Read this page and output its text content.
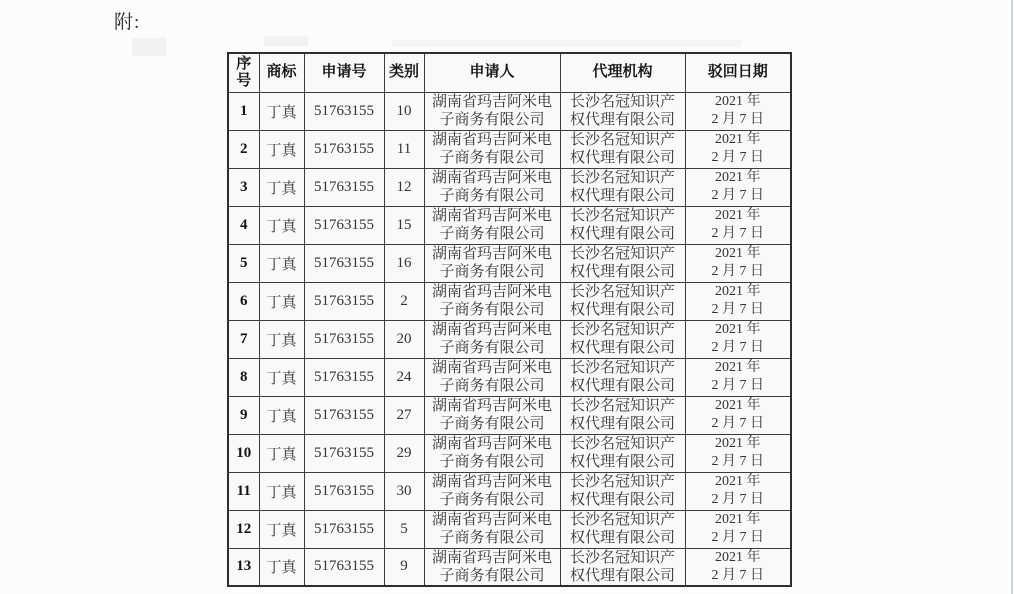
附:
序号	商标	申请号	类别	申请人	代理机构	驳回日期
1	丁真	51763155	10	湖南省玛吉阿米电
子商务有限公司	长沙名冠知识产
权代理有限公司	2021 年
2 月 7 日

2	丁真	51763155	11	湖南省玛吉阿米电
子商务有限公司	长沙名冠知识产
权代理有限公司	2021 年
2 月 7 日

3	丁真	51763155	12	湖南省玛吉阿米电
子商务有限公司	长沙名冠知识产
权代理有限公司	2021 年
2 月 7 日

4	丁真	51763155	15	湖南省玛吉阿米电
子商务有限公司	长沙名冠知识产
权代理有限公司	2021 年
2 月 7 日

5	丁真	51763155	16	湖南省玛吉阿米电
子商务有限公司	长沙名冠知识产
权代理有限公司	2021 年
2 月 7 日

6	丁真	51763155	2	湖南省玛吉阿米电
子商务有限公司	长沙名冠知识产
权代理有限公司	2021 年
2 月 7 日

7	丁真	51763155	20	湖南省玛吉阿米电
子商务有限公司	长沙名冠知识产
权代理有限公司	2021 年
2 月 7 日

8	丁真	51763155	24	湖南省玛吉阿米电
子商务有限公司	长沙名冠知识产
权代理有限公司	2021 年
2 月 7 日

9	丁真	51763155	27	湖南省玛吉阿米电
子商务有限公司	长沙名冠知识产
权代理有限公司	2021 年
2 月 7 日

10	丁真	51763155	29	湖南省玛吉阿米电
子商务有限公司	长沙名冠知识产
权代理有限公司	2021 年
2 月 7 日

11	丁真	51763155	30	湖南省玛吉阿米电
子商务有限公司	长沙名冠知识产
权代理有限公司	2021 年
2 月 7 日

12	丁真	51763155	5	湖南省玛吉阿米电
子商务有限公司	长沙名冠知识产
权代理有限公司	2021 年
2 月 7 日

13	丁真	51763155	9	湖南省玛吉阿米电
子商务有限公司	长沙名冠知识产
权代理有限公司	2021 年
2 月 7 日
